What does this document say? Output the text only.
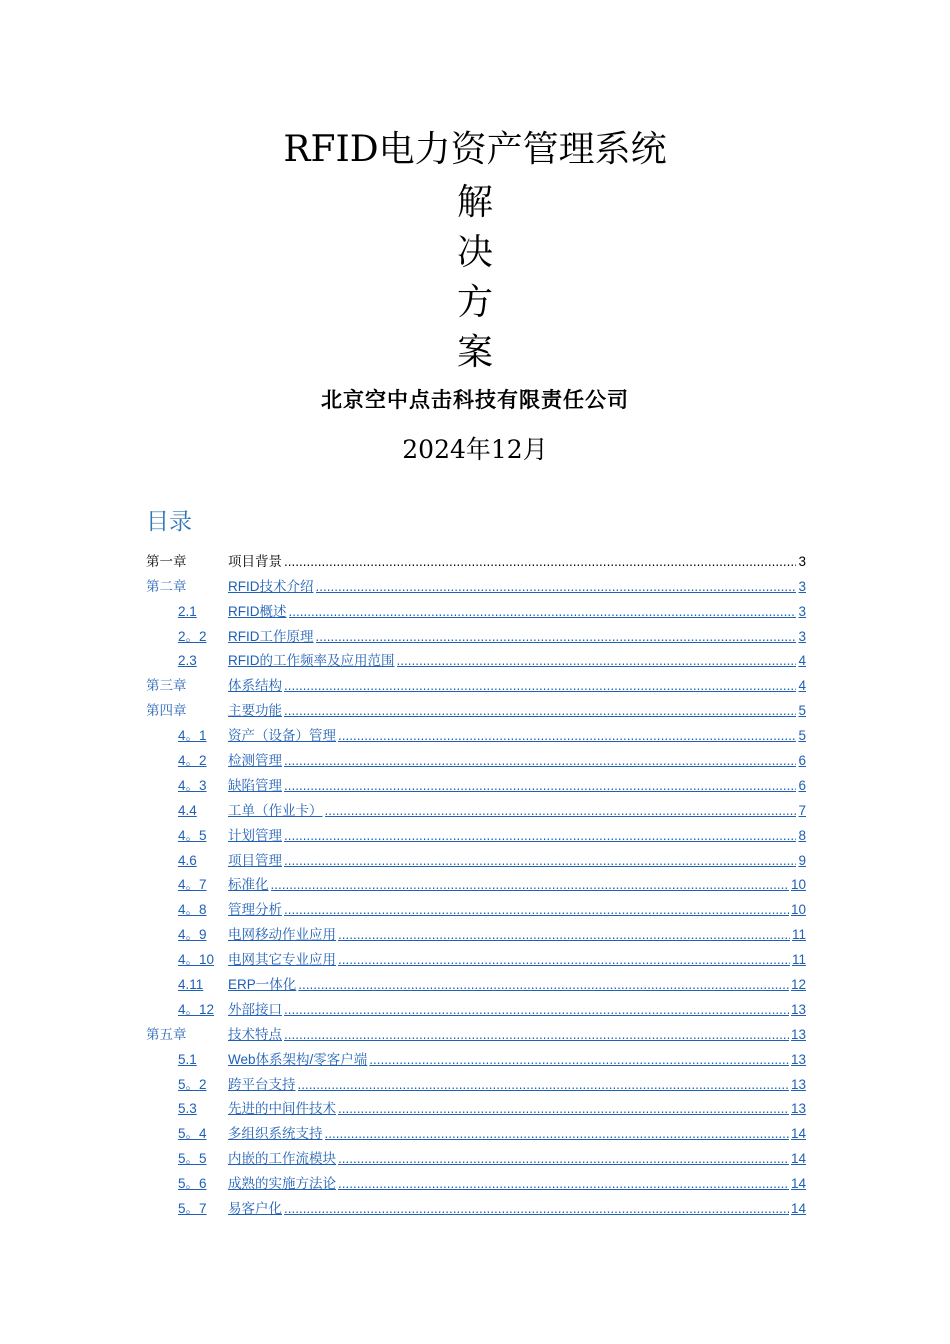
RFID电力资产管理系统
解
决
方
案
北京空中点击科技有限责任公司
2024年12月
目录
第一章	项目背景 .....	3
第二章	RFID技术介绍 .....	3
2.1	RFID概述 .....	3
2。2	RFID工作原理 .....	3
2.3	RFID的工作频率及应用范围 .....	4
第三章	体系结构 .....	4
第四章	主要功能 .....	5
4。1	资产（设备）管理 .....	5
4。2	检测管理 .....	6
4。3	缺陷管理 .....	6
4.4	工单（作业卡） .....	7
4。5	计划管理 .....	8
4.6	项目管理 .....	9
4。7	标准化 .....	10
4。8	管理分析 .....	10
4。9	电网移动作业应用 .....	11
4。10	电网其它专业应用 .....	11
4.11	ERP一体化 .....	12
4。12	外部接口 .....	13
第五章	技术特点 .....	13
5.1	Web体系架构/零客户端 .....	13
5。2	跨平台支持 .....	13
5.3	先进的中间件技术 .....	13
5。4	多组织系统支持 .....	14
5。5	内嵌的工作流模块 .....	14
5。6	成熟的实施方法论 .....	14
5。7	易客户化 .....	14
